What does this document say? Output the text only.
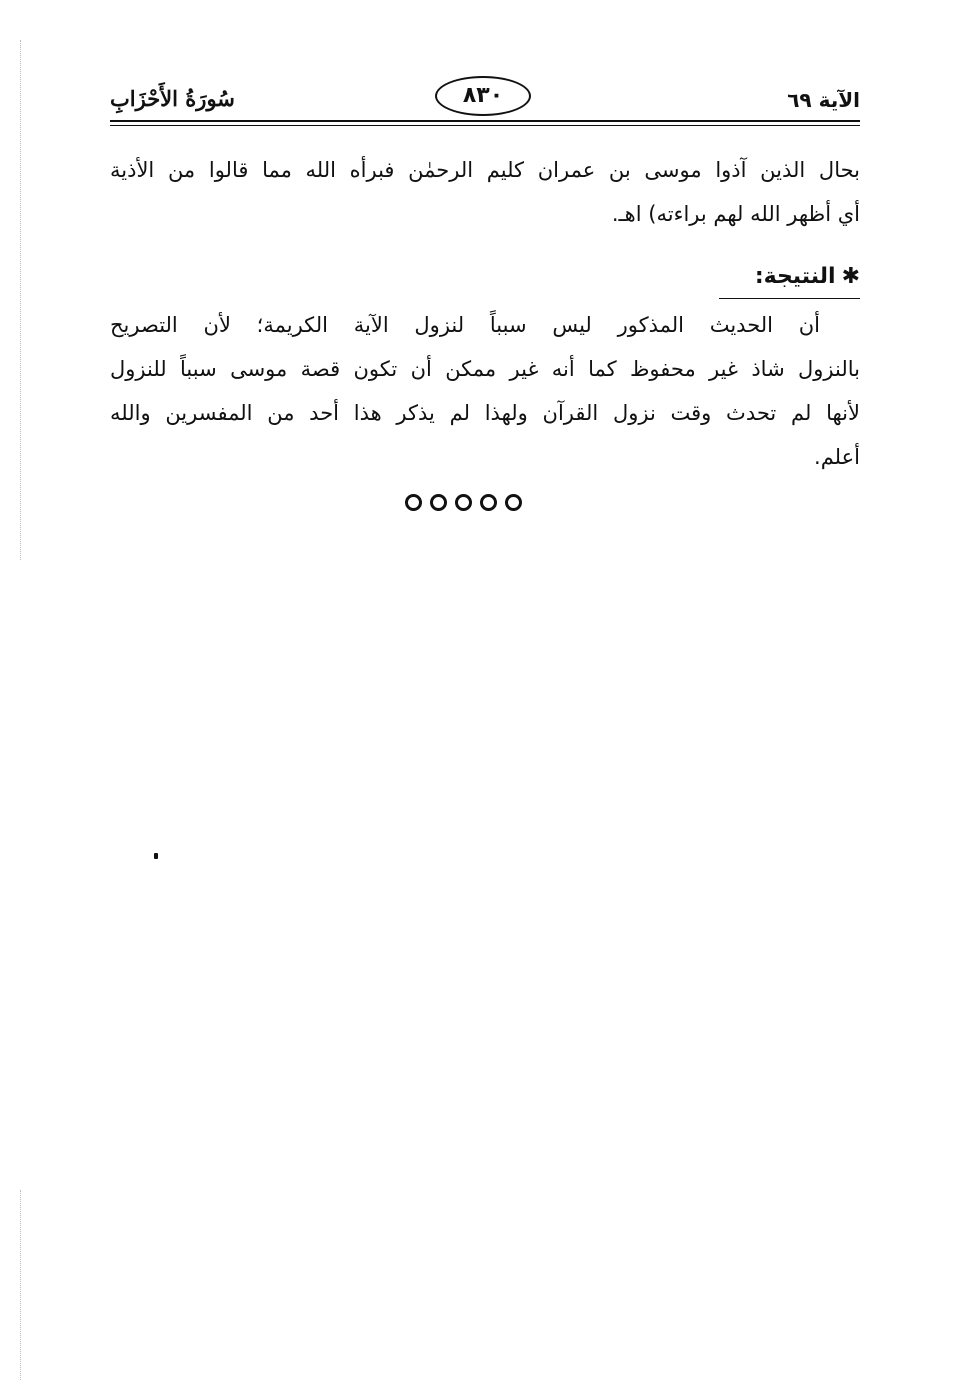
الآية ٦٩
٨٣٠
سُورَةُ الأَحْزَابِ
بحال الذين آذوا موسى بن عمران كليم الرحمٰن فبرأه الله مما قالوا من الأذية
أي أظهر الله لهم براءته) اهـ.
✱النتيجة:
أن الحديث المذكور ليس سبباً لنزول الآية الكريمة؛ لأن التصريح
بالنزول شاذ غير محفوظ كما أنه غير ممكن أن تكون قصة موسى سبباً للنزول
لأنها لم تحدث وقت نزول القرآن ولهذا لم يذكر هذا أحد من المفسرين والله
أعلم.
